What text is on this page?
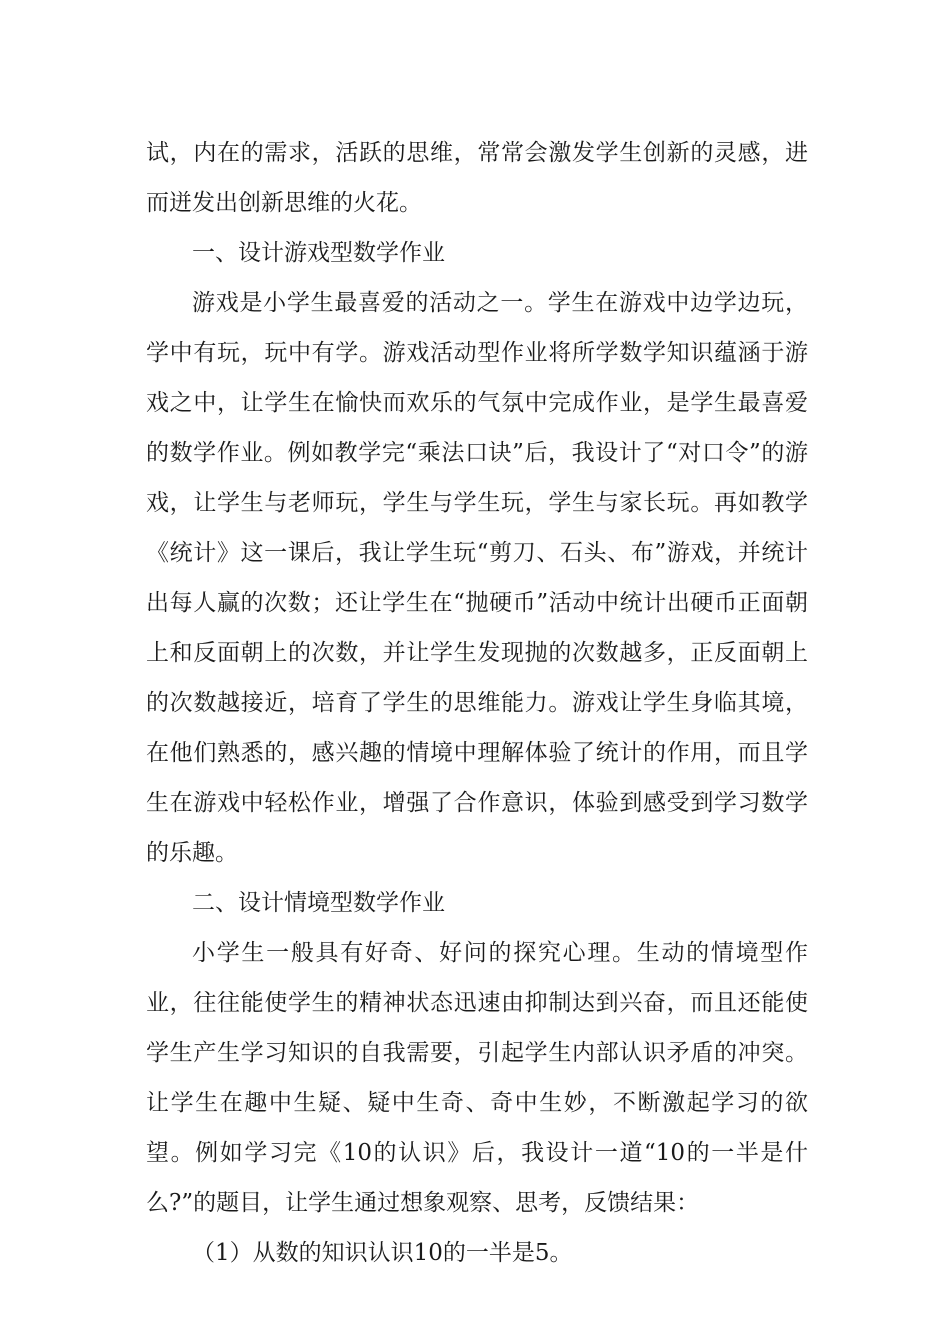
试，内在的需求，活跃的思维，常常会激发学生创新的灵感，进而迸发出创新思维的火花。

一、设计游戏型数学作业

游戏是小学生最喜爱的活动之一。学生在游戏中边学边玩，学中有玩，玩中有学。游戏活动型作业将所学数学知识蕴涵于游戏之中，让学生在愉快而欢乐的气氛中完成作业，是学生最喜爱的数学作业。例如教学完“乘法口诀”后，我设计了“对口令”的游戏，让学生与老师玩，学生与学生玩，学生与家长玩。再如教学《统计》这一课后，我让学生玩“剪刀、石头、布”游戏，并统计出每人赢的次数；还让学生在“抛硬币”活动中统计出硬币正面朝上和反面朝上的次数，并让学生发现抛的次数越多，正反面朝上的次数越接近，培育了学生的思维能力。游戏让学生身临其境，在他们熟悉的，感兴趣的情境中理解体验了统计的作用，而且学生在游戏中轻松作业，增强了合作意识，体验到感受到学习数学的乐趣。

二、设计情境型数学作业

小学生一般具有好奇、好问的探究心理。生动的情境型作业，往往能使学生的精神状态迅速由抑制达到兴奋，而且还能使学生产生学习知识的自我需要，引起学生内部认识矛盾的冲突。让学生在趣中生疑、疑中生奇、奇中生妙，不断激起学习的欲望。例如学习完《10的认识》后，我设计一道“10的一半是什么?”的题目，让学生通过想象观察、思考，反馈结果：

（1）从数的知识认识10的一半是5。
